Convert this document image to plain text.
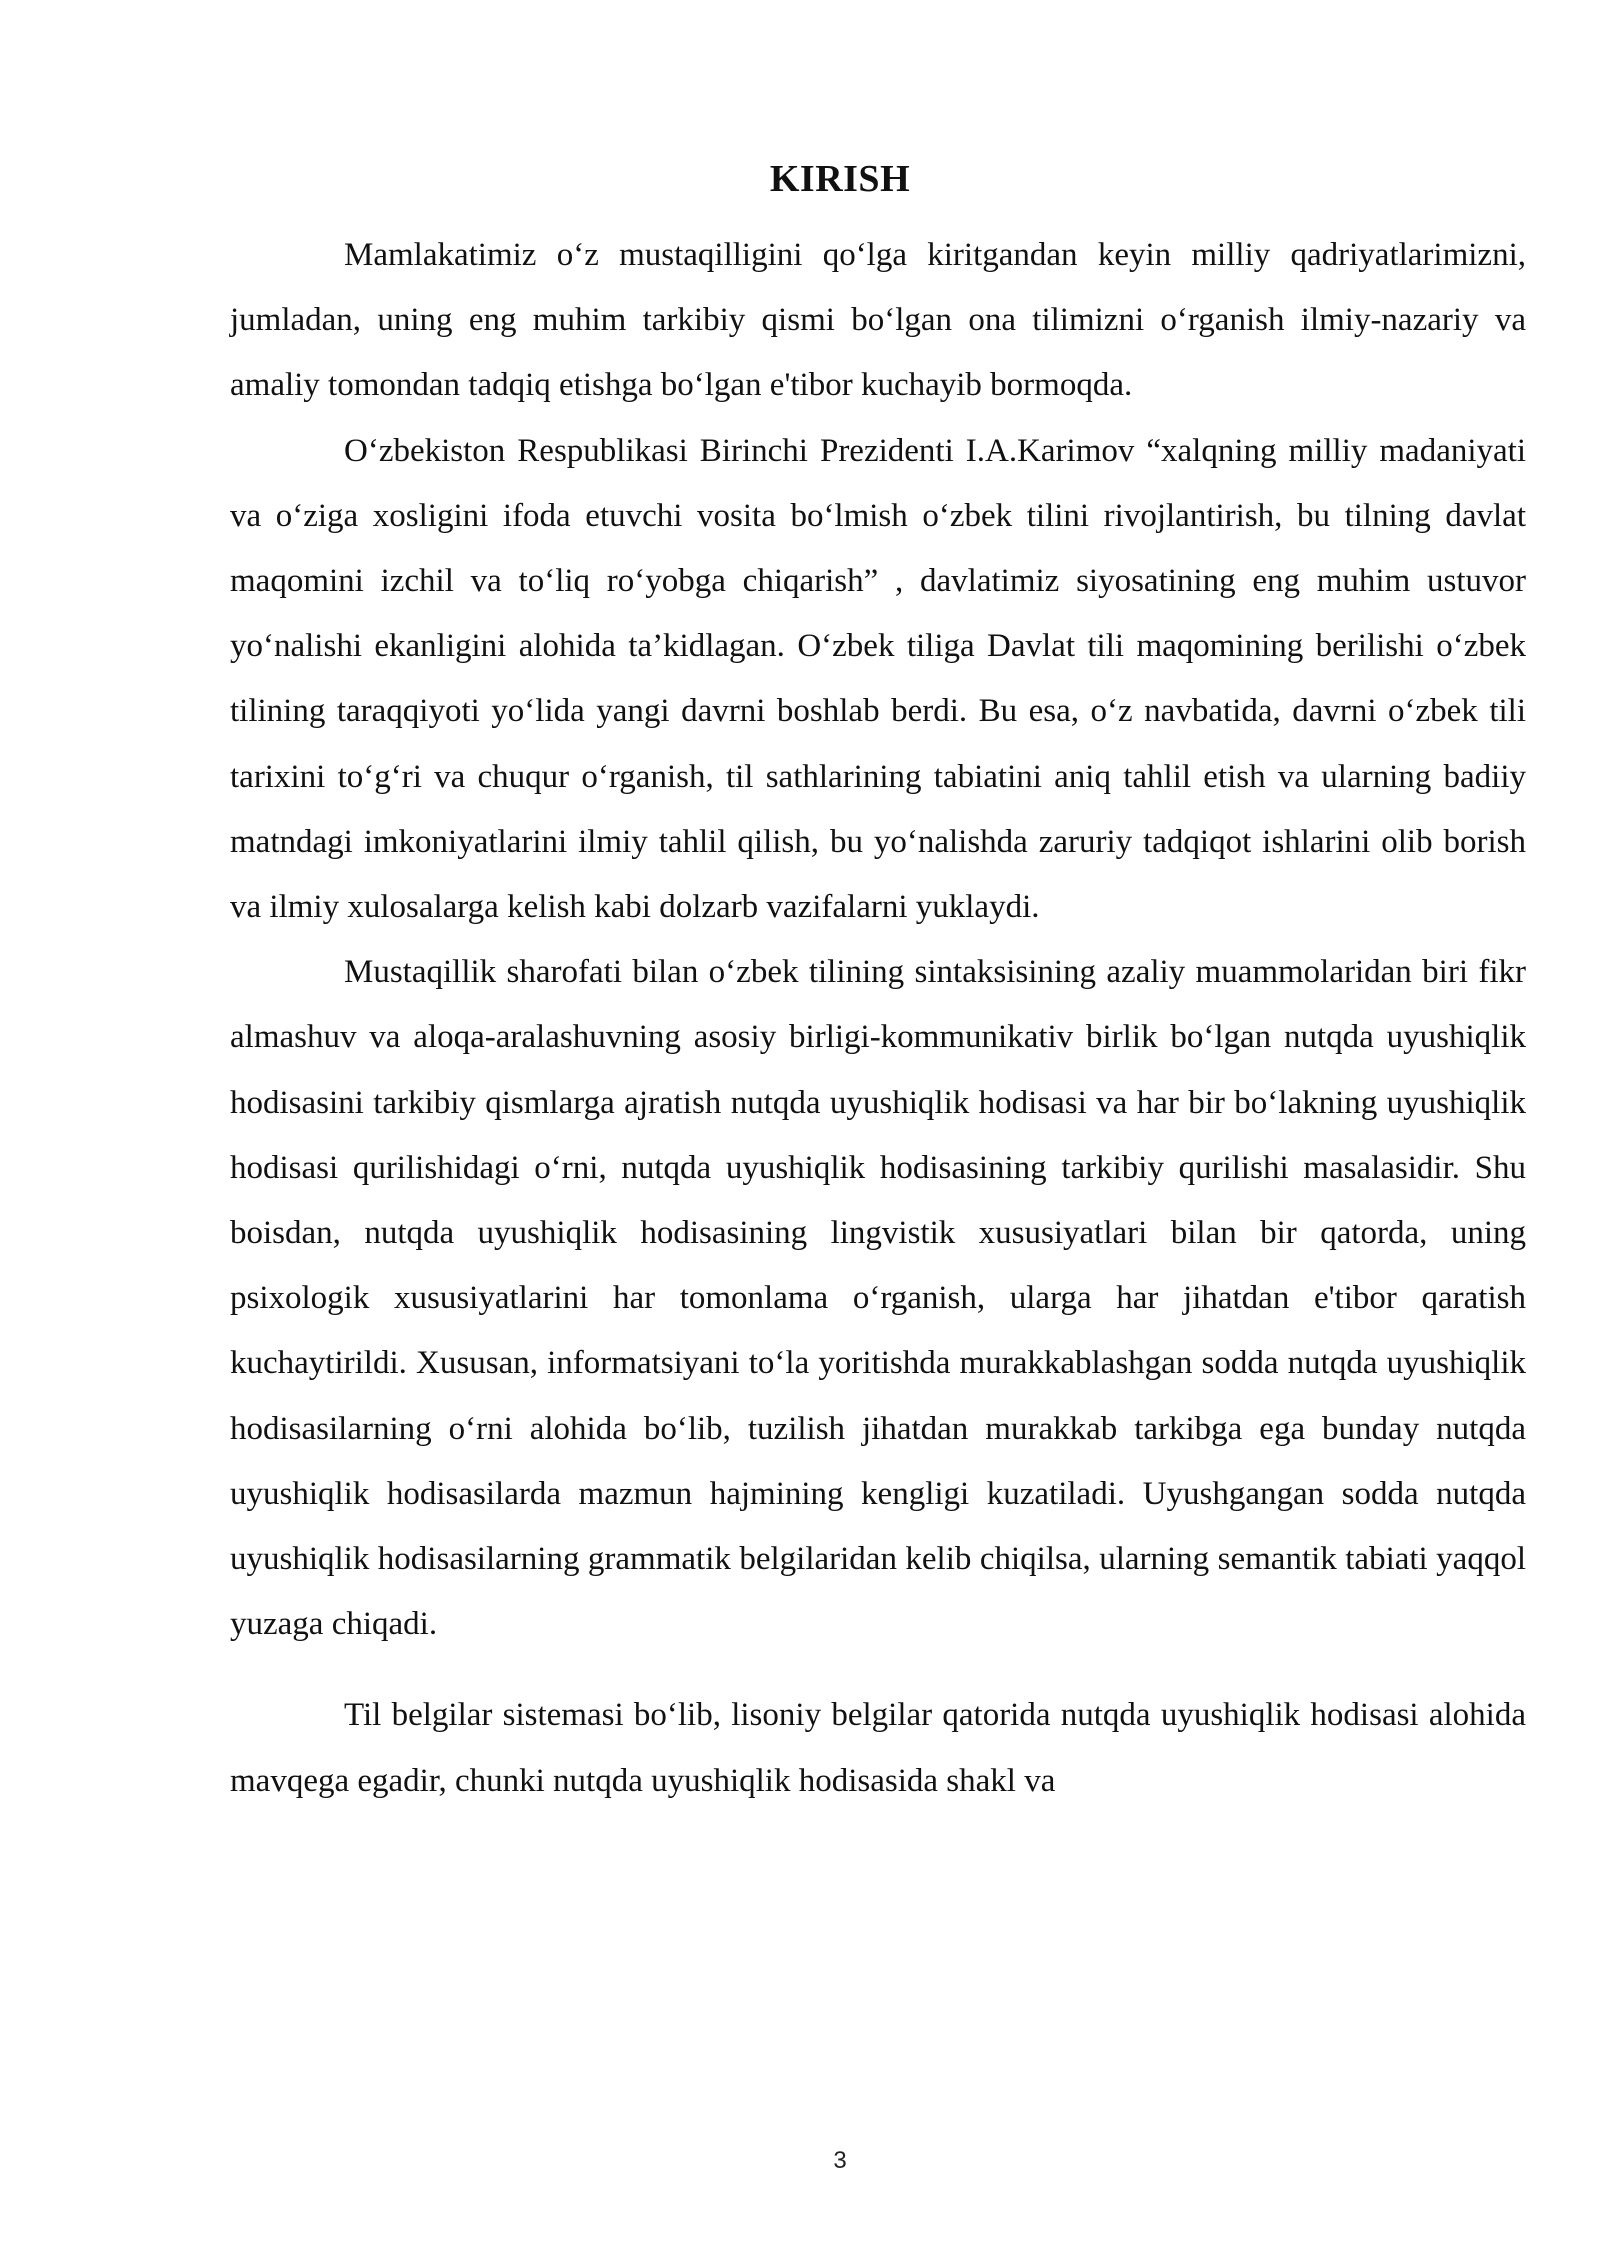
KIRISH

Mamlakatimiz o‘z mustaqilligini qo‘lga kiritgandan keyin milliy qadriyatlarimizni, jumladan, uning eng muhim tarkibiy qismi bo‘lgan ona tilimizni o‘rganish ilmiy-nazariy va amaliy tomondan tadqiq etishga bo‘lgan e'tibor kuchayib bormoqda.

O‘zbekiston Respublikasi Birinchi Prezidenti I.A.Karimov “xalqning milliy madaniyati va o‘ziga xosligini ifoda etuvchi vosita bo‘lmish o‘zbek tilini rivojlantirish, bu tilning davlat maqomini izchil va to‘liq ro‘yobga chiqarish” , davlatimiz siyosatining eng muhim ustuvor yo‘nalishi ekanligini alohida ta’kidlagan. O‘zbek tiliga Davlat tili maqomining berilishi o‘zbek tilining taraqqiyoti yo‘lida yangi davrni boshlab berdi. Bu esa, o‘z navbatida, davrni o‘zbek tili tarixini to‘g‘ri va chuqur o‘rganish, til sathlarining tabiatini aniq tahlil etish va ularning badiiy matndagi imkoniyatlarini ilmiy tahlil qilish, bu yo‘nalishda zaruriy tadqiqot ishlarini olib borish va ilmiy xulosalarga kelish kabi dolzarb vazifalarni yuklaydi.

Mustaqillik sharofati bilan o‘zbek tilining sintaksisining azaliy muammolaridan biri fikr almashuv va aloqa-aralashuvning asosiy birligi-kommunikativ birlik bo‘lgan nutqda uyushiqlik hodisasini tarkibiy qismlarga ajratish nutqda uyushiqlik hodisasi va har bir bo‘lakning uyushiqlik hodisasi qurilishidagi o‘rni, nutqda uyushiqlik hodisasining tarkibiy qurilishi masalasidir. Shu boisdan, nutqda uyushiqlik hodisasining lingvistik xususiyatlari bilan bir qatorda, uning psixologik xususiyatlarini har tomonlama o‘rganish, ularga har jihatdan e'tibor qaratish kuchaytirildi. Xususan, informatsiyani to‘la yoritishda murakkablashgan sodda nutqda uyushiqlik hodisasilarning o‘rni alohida bo‘lib, tuzilish jihatdan murakkab tarkibga ega bunday nutqda uyushiqlik hodisasilarda mazmun hajmining kengligi kuzatiladi. Uyushgangan sodda nutqda uyushiqlik hodisasilarning grammatik belgilaridan kelib chiqilsa, ularning semantik tabiati yaqqol yuzaga chiqadi.

Til belgilar sistemasi bo‘lib, lisoniy belgilar qatorida nutqda uyushiqlik hodisasi alohida mavqega egadir, chunki nutqda uyushiqlik hodisasida shakl va

3
